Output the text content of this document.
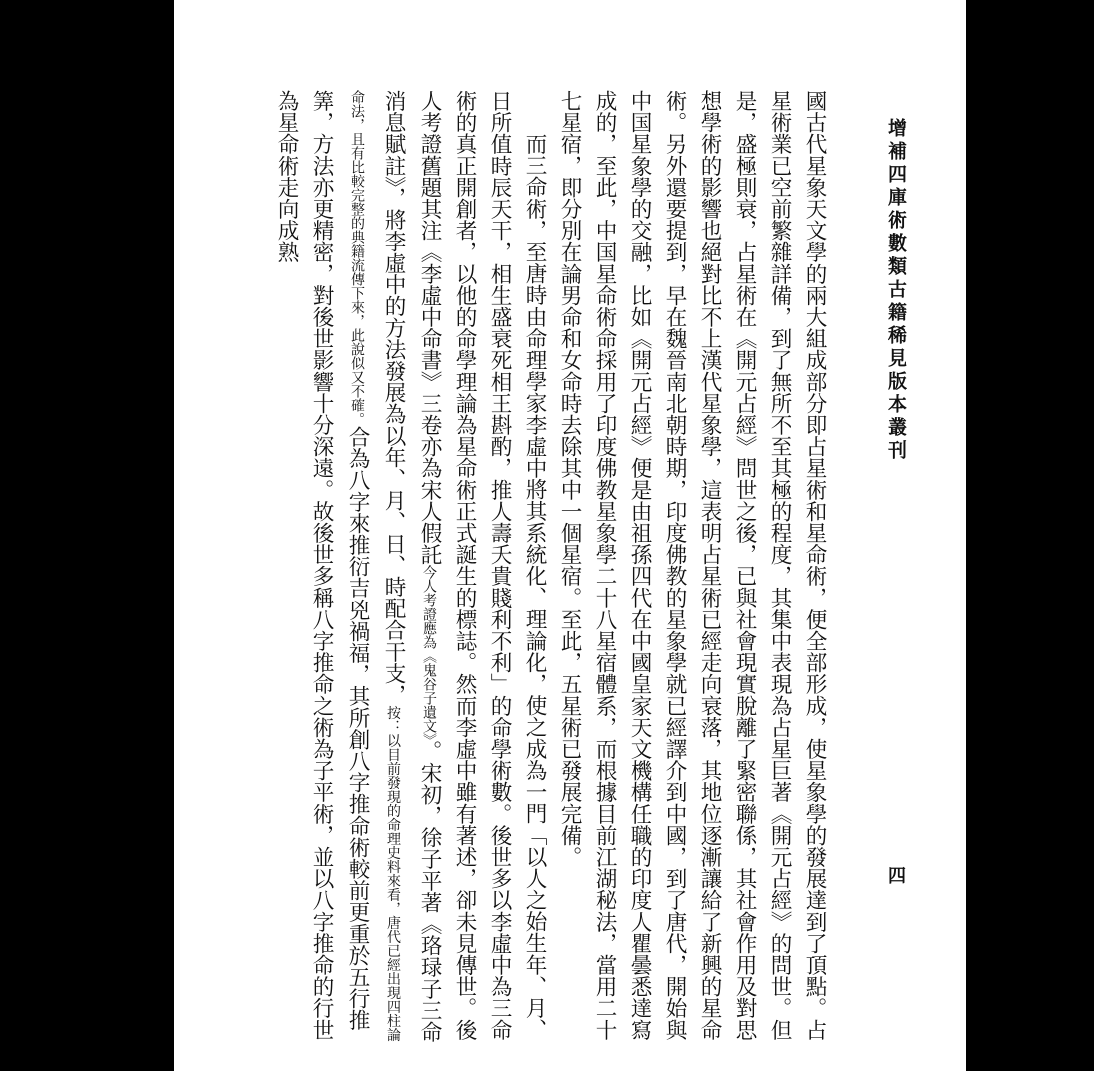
增補四庫術數類古籍稀見版本叢刊
四

國古代星象天文學的兩大組成部分即占星術和星命術，便全部形成，使星象學的發展達到了頂點。占星術業已空前繁雜詳備，到了無所不至其極的程度，其集中表現為占星巨著《開元占經》的問世。但是，盛極則衰，占星術在《開元占經》問世之後，已與社會現實脫離了緊密聯係，其社會作用及對思想學術的影響也絕對比不上漢代星象學，這表明占星術已經走向衰落，其地位逐漸讓給了新興的星命術。另外還要提到，早在魏晉南北朝時期，印度佛教的星象學就已經譯介到中國，到了唐代，開始與中国星象學的交融，比如《開元占經》便是由祖孫四代在中國皇家天文機構任職的印度人瞿曇悉達寫成的，至此，中国星命術命採用了印度佛教星象學二十八星宿體系，而根據目前江湖秘法，當用二十七星宿，即分別在論男命和女命時去除其中一個星宿。至此，五星術已發展完備。

而三命術，至唐時由命理學家李虛中將其系統化、理論化，使之成為一門「以人之始生年、月、日所值時辰天干，相生盛衰死相王斟酌，推人壽夭貴賤利不利」的命學術數。後世多以李虛中為三命術的真正開創者，以他的命學理論為星命術正式誕生的標誌。然而李虛中雖有著述，卻未見傳世。後人考證舊題其注《李虛中命書》三卷亦為宋人假託今人考證應為《鬼谷子遺文》。宋初，徐子平著《珞琭子三命消息賦註》，將李虛中的方法發展為以年、月、日、時配合干支，按：以目前發現的命理史料來看，唐代已經出現四柱論命法，且有比較完整的典籍流傳下來，此說似又不確。合為八字來推衍吉兇禍福，其所創八字推命術較前更重於五行推筭，方法亦更精密，對後世影響十分深遠。故後世多稱八字推命之術為子平術，並以八字推命的行世為星命術走向成熟
